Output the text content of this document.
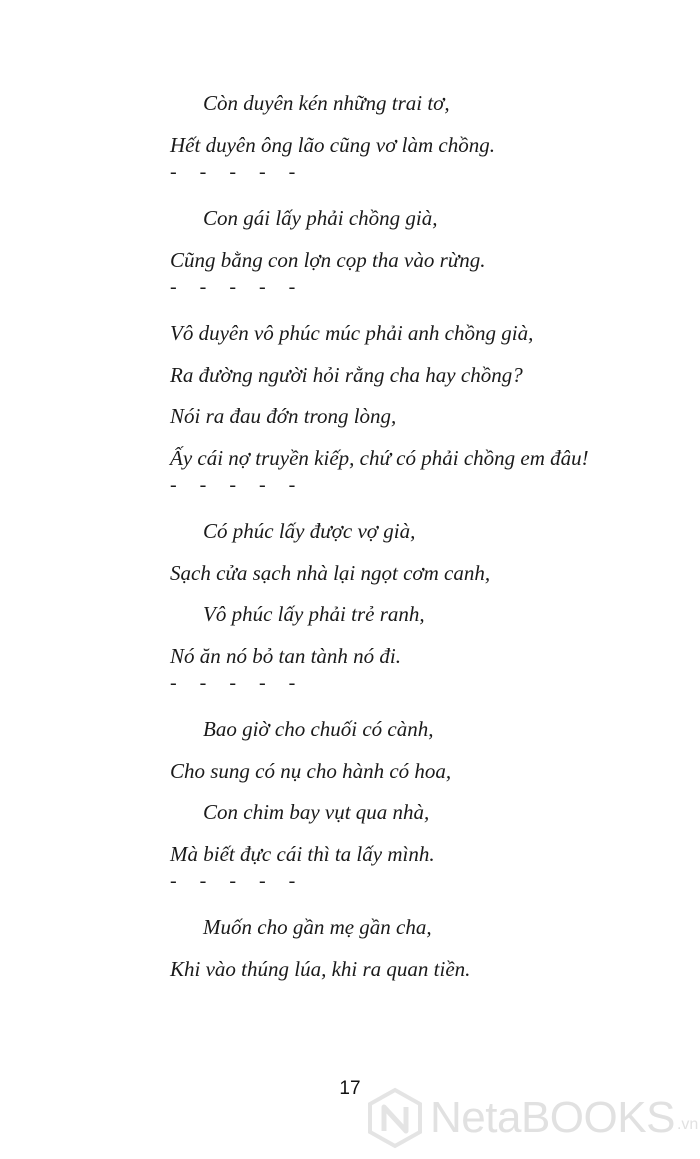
Còn duyên kén những trai tơ,
Hết duyên ông lão cũng vơ làm chồng.
- - - - -
Con gái lấy phải chồng già,
Cũng bằng con lợn cọp tha vào rừng.
- - - - -
Vô duyên vô phúc múc phải anh chồng già,
Ra đường người hỏi rằng cha hay chồng?
Nói ra đau đớn trong lòng,
Ấy cái nợ truyền kiếp, chứ có phải chồng em đâu!
- - - - -
Có phúc lấy được vợ già,
Sạch cửa sạch nhà lại ngọt cơm canh,
Vô phúc lấy phải trẻ ranh,
Nó ăn nó bỏ tan tành nó đi.
- - - - -
Bao giờ cho chuối có cành,
Cho sung có nụ cho hành có hoa,
Con chim bay vụt qua nhà,
Mà biết đực cái thì ta lấy mình.
- - - - -
Muốn cho gần mẹ gần cha,
Khi vào thúng lúa, khi ra quan tiền.
17
NetaBOOKS .vn
